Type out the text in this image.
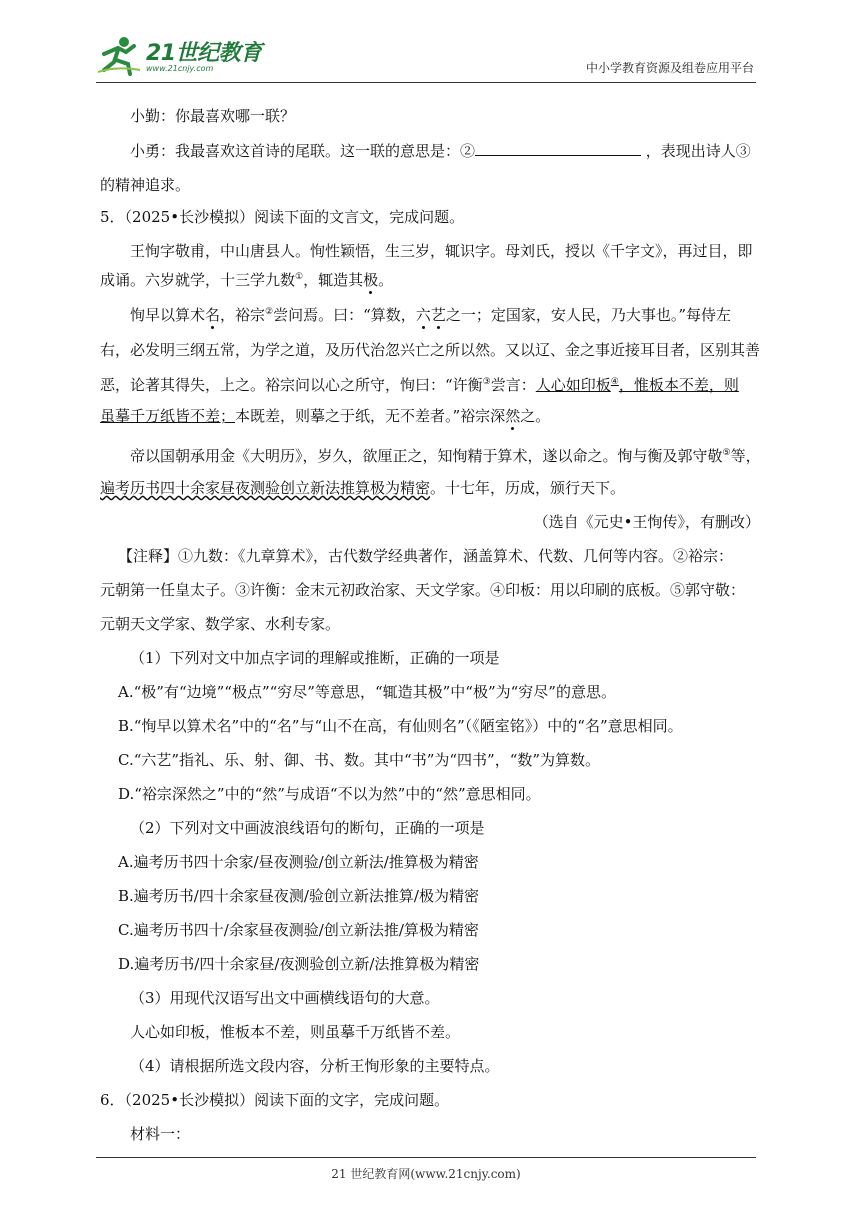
21世纪教育
www.21cnjy.com	中小学教育资源及组卷应用平台
小勤：你最喜欢哪一联？
小勇：我最喜欢这首诗的尾联。这一联的意思是：②	，表现出诗人③
的精神追求。
5．（2025•长沙模拟）阅读下面的文言文，完成问题。
王恂字敬甫，中山唐县人。恂性颖悟，生三岁，辄识字。母刘氏，授以《千字文》，再过目，即
成诵。六岁就学，十三学九数①，辄造其极。
恂早以算术名，裕宗②尝问焉。曰：“算数，六艺之一；定国家，安人民，乃大事也。”每侍左
右，必发明三纲五常，为学之道，及历代治忽兴亡之所以然。又以辽、金之事近接耳目者，区别其善
恶，论著其得失，上之。裕宗问以心之所守，恂曰：“许衡③尝言：人心如印板④，惟板本不差，则
虽摹千万纸皆不差；本既差，则摹之于纸，无不差者。”裕宗深然之。
帝以国朝承用金《大明历》，岁久，欲厘正之，知恂精于算术，遂以命之。恂与衡及郭守敬⑤等，
遍考历书四十余家昼夜测验创立新法推算极为精密。十七年，历成，颁行天下。
（选自《元史•王恂传》，有删改）
【注释】①九数：《九章算术》，古代数学经典著作，涵盖算术、代数、几何等内容。②裕宗：
元朝第一任皇太子。③许衡：金末元初政治家、天文学家。④印板：用以印刷的底板。⑤郭守敬：
元朝天文学家、数学家、水利专家。
（1）下列对文中加点字词的理解或推断，正确的一项是
A.“极”有“边境”“极点”“穷尽”等意思，“辄造其极”中“极”为“穷尽”的意思。
B.“恂早以算术名”中的“名”与“山不在高，有仙则名”（《陋室铭》）中的“名”意思相同。
C.“六艺”指礼、乐、射、御、书、数。其中“书”为“四书”，“数”为算数。
D.“裕宗深然之”中的“然”与成语“不以为然”中的“然”意思相同。
（2）下列对文中画波浪线语句的断句，正确的一项是
A.遍考历书四十余家/昼夜测验/创立新法/推算极为精密
B.遍考历书/四十余家昼夜测/验创立新法推算/极为精密
C.遍考历书四十/余家昼夜测验/创立新法推/算极为精密
D.遍考历书/四十余家昼/夜测验创立新/法推算极为精密
（3）用现代汉语写出文中画横线语句的大意。
人心如印板，惟板本不差，则虽摹千万纸皆不差。
（4）请根据所选文段内容，分析王恂形象的主要特点。
6．（2025•长沙模拟）阅读下面的文字，完成问题。
材料一：
21 世纪教育网(www.21cnjy.com)
